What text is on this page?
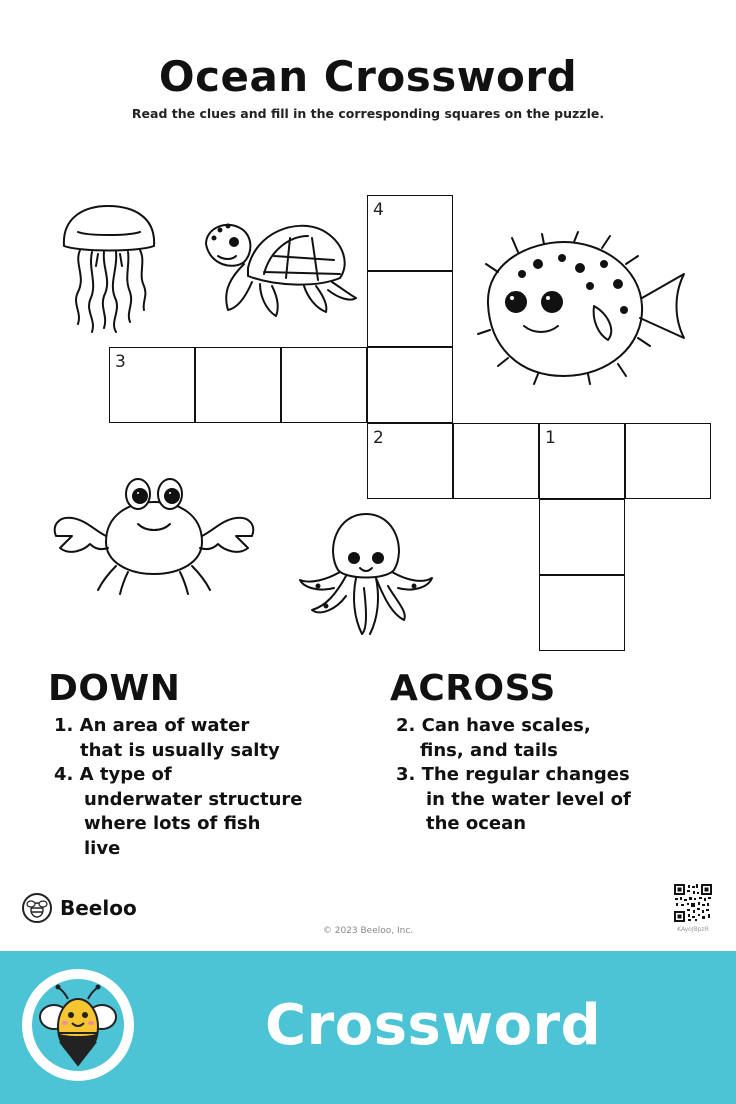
Ocean Crossword
Read the clues and fill in the corresponding squares on the puzzle.
4
3
2	1
DOWN
1. An area of water
that is usually salty
4. A type of
underwater structure
where lots of fish
live
ACROSS
2. Can have scales,
fins, and tails
3. The regular changes
in the water level of
the ocean
Beeloo
© 2023 Beeloo, Inc.	KAyoJBpzR
Crossword
